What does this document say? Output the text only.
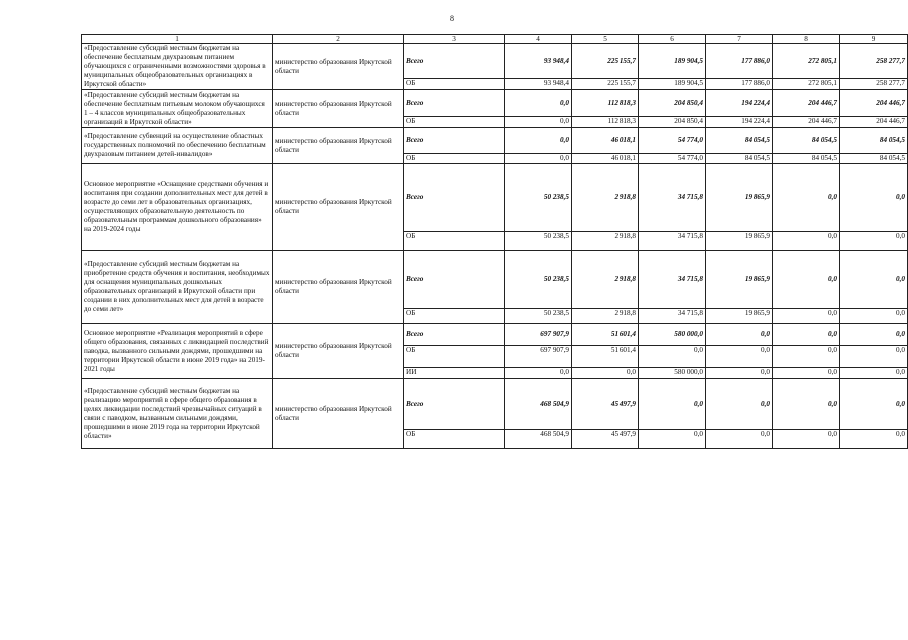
8
1	2	3	4	5	6	7	8	9
«Предоставление субсидий местным бюджетам на обеспечение бесплатным двухразовым питанием обучающихся с ограниченными возможностями здоровья в муниципальных общеобразовательных организациях в Иркутской области»	министерство образования Иркутской области	Всего	93 948,4	225 155,7	189 904,5	177 886,0	272 805,1	258 277,7
		ОБ	93 948,4	225 155,7	189 904,5	177 886,0	272 805,1	258 277,7
«Предоставление субсидий местным бюджетам на обеспечение бесплатным питьевым молоком обучающихся 1 – 4 классов муниципальных общеобразовательных организаций в Иркутской области»	министерство образования Иркутской области	Всего	0,0	112 818,3	204 850,4	194 224,4	204 446,7	204 446,7
		ОБ	0,0	112 818,3	204 850,4	194 224,4	204 446,7	204 446,7
«Предоставление субвенций на осуществление областных государственных полномочий по обеспечению бесплатным двухразовым питанием детей-инвалидов»	министерство образования Иркутской области	Всего	0,0	46 018,1	54 774,0	84 054,5	84 054,5	84 054,5
		ОБ	0,0	46 018,1	54 774,0	84 054,5	84 054,5	84 054,5
Основное мероприятие «Оснащение средствами обучения и воспитания при создании дополнительных мест для детей в возрасте до семи лет в образовательных организациях, осуществляющих образовательную деятельность по образовательным программам дошкольного образования» на 2019-2024 годы	министерство образования Иркутской области	Всего	50 238,5	2 918,8	34 715,8	19 865,9	0,0	0,0
		ОБ	50 238,5	2 918,8	34 715,8	19 865,9	0,0	0,0
«Предоставление субсидий местным бюджетам на приобретение средств обучения и воспитания, необходимых для оснащения муниципальных дошкольных образовательных организаций в Иркутской области при создании в них дополнительных мест для детей в возрасте до семи лет»	министерство образования Иркутской области	Всего	50 238,5	2 918,8	34 715,8	19 865,9	0,0	0,0
		ОБ	50 238,5	2 918,8	34 715,8	19 865,9	0,0	0,0
Основное мероприятие «Реализация мероприятий в сфере общего образования, связанных с ликвидацией последствий паводка, вызванного сильными дождями, прошедшими на территории Иркутской области в июне 2019 года» на 2019-2021 годы	министерство образования Иркутской области	Всего	697 907,9	51 601,4	580 000,0	0,0	0,0	0,0
		ОБ	697 907,9	51 601,4	0,0	0,0	0,0	0,0
		ИИ	0,0	0,0	580 000,0	0,0	0,0	0,0
«Предоставление субсидий местным бюджетам на реализацию мероприятий в сфере общего образования в целях ликвидации последствий чрезвычайных ситуаций в связи с паводком, вызванным сильными дождями, прошедшими в июне 2019 года на территории Иркутской области»	министерство образования Иркутской области	Всего	468 504,9	45 497,9	0,0	0,0	0,0	0,0
		ОБ	468 504,9	45 497,9	0,0	0,0	0,0	0,0
